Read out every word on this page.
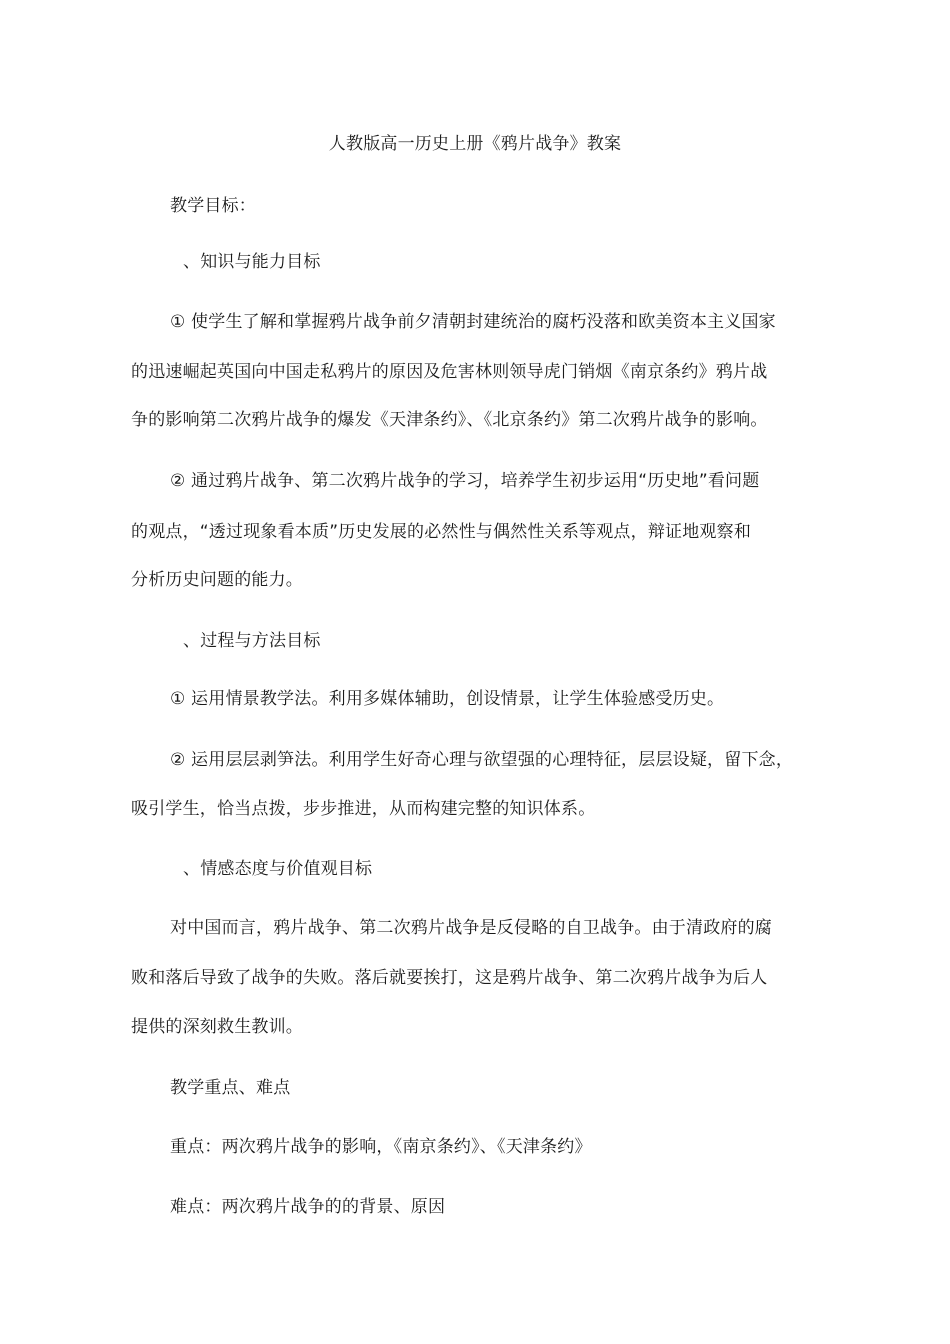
人教版高一历史上册《鸦片战争》教案
教学目标：
、知识与能力目标
① 使学生了解和掌握鸦片战争前夕清朝封建统治的腐朽没落和欧美资本主义国家
的迅速崛起英国向中国走私鸦片的原因及危害林则领导虎门销烟《南京条约》鸦片战
争的影响第二次鸦片战争的爆发《天津条约》、《北京条约》第二次鸦片战争的影响。
② 通过鸦片战争、第二次鸦片战争的学习，培养学生初步运用“历史地”看问题
的观点，“透过现象看本质”历史发展的必然性与偶然性关系等观点，辩证地观察和
分析历史问题的能力。
、过程与方法目标
① 运用情景教学法。利用多媒体辅助，创设情景，让学生体验感受历史。
② 运用层层剥笋法。利用学生好奇心理与欲望强的心理特征，层层设疑，留下念，
吸引学生，恰当点拨，步步推进，从而构建完整的知识体系。
、情感态度与价值观目标
对中国而言，鸦片战争、第二次鸦片战争是反侵略的自卫战争。由于清政府的腐
败和落后导致了战争的失败。落后就要挨打，这是鸦片战争、第二次鸦片战争为后人
提供的深刻救生教训。
教学重点、难点
重点：两次鸦片战争的影响，《南京条约》、《天津条约》
难点：两次鸦片战争的的背景、原因
